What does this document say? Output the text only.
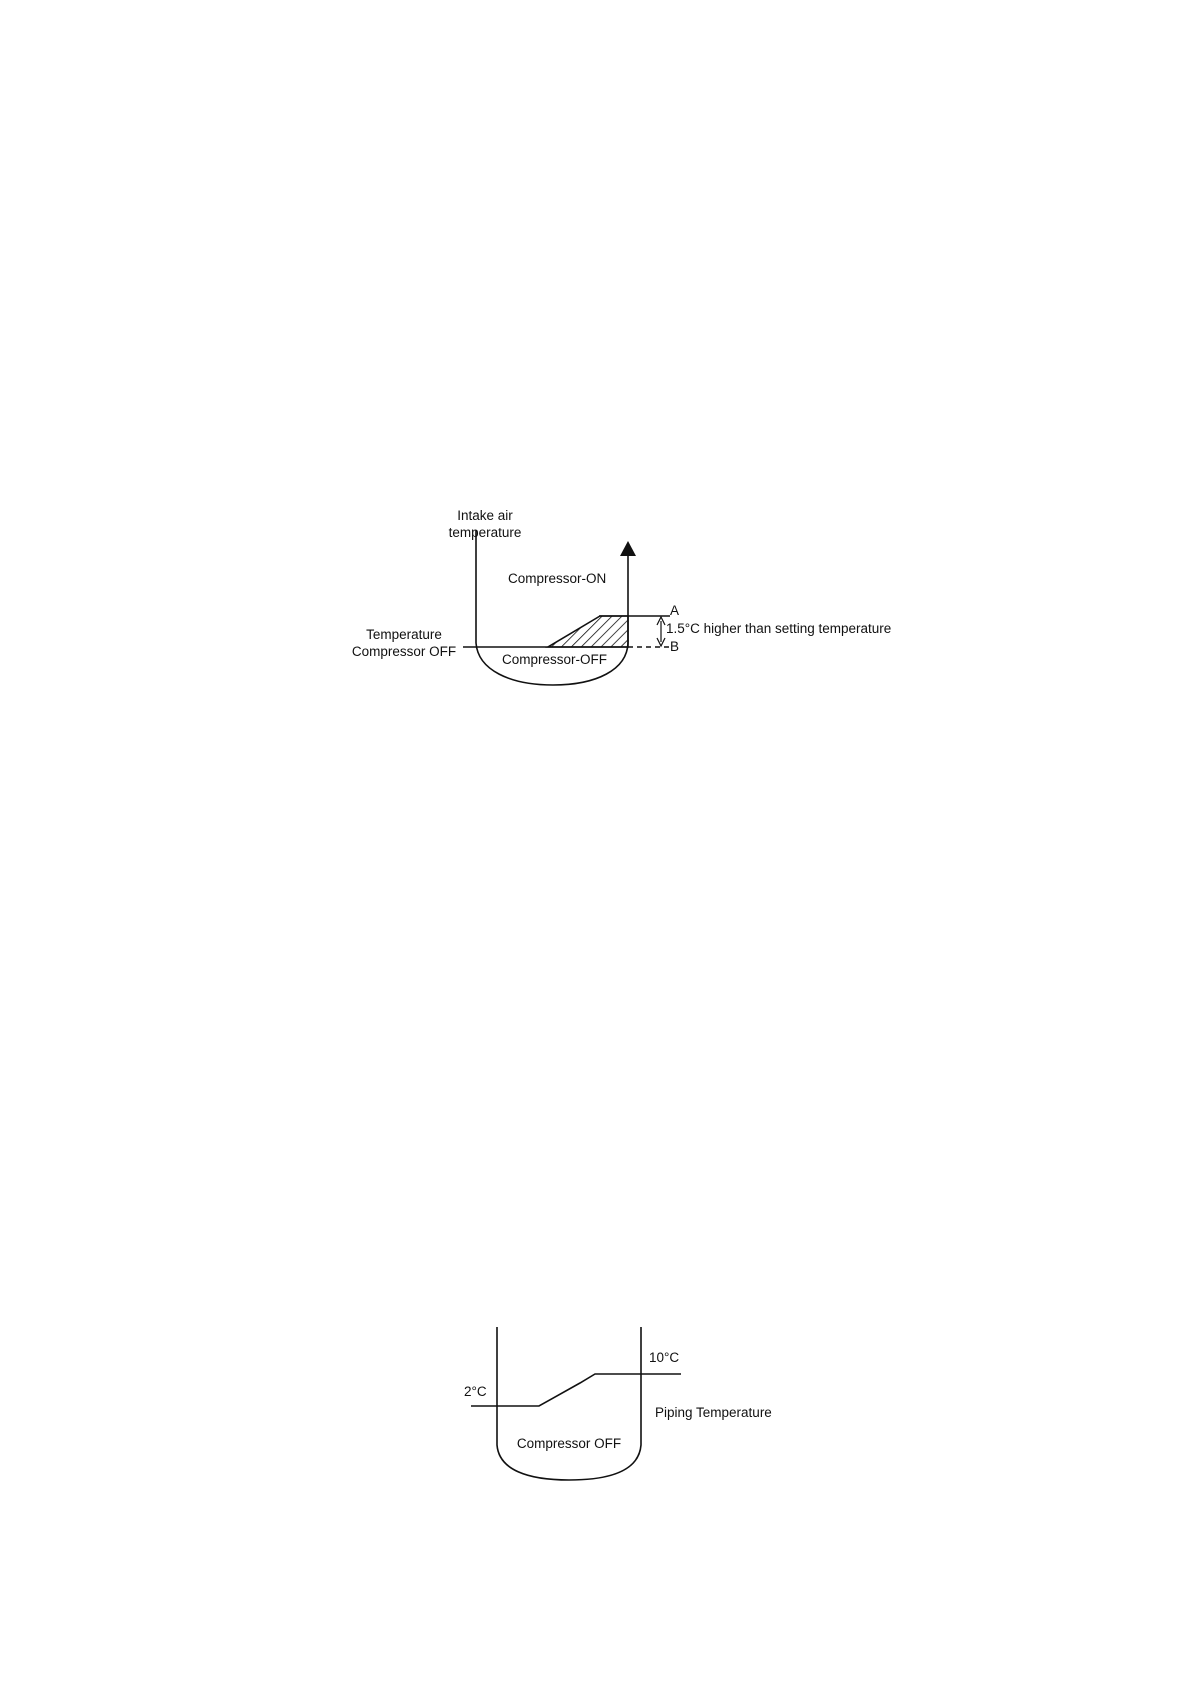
Intake air
temperature
Compressor-ON
Compressor-OFF
Temperature
Compressor OFF
A
B
1.5°C higher than setting temperature
2°C
10°C
Piping Temperature
Compressor OFF
